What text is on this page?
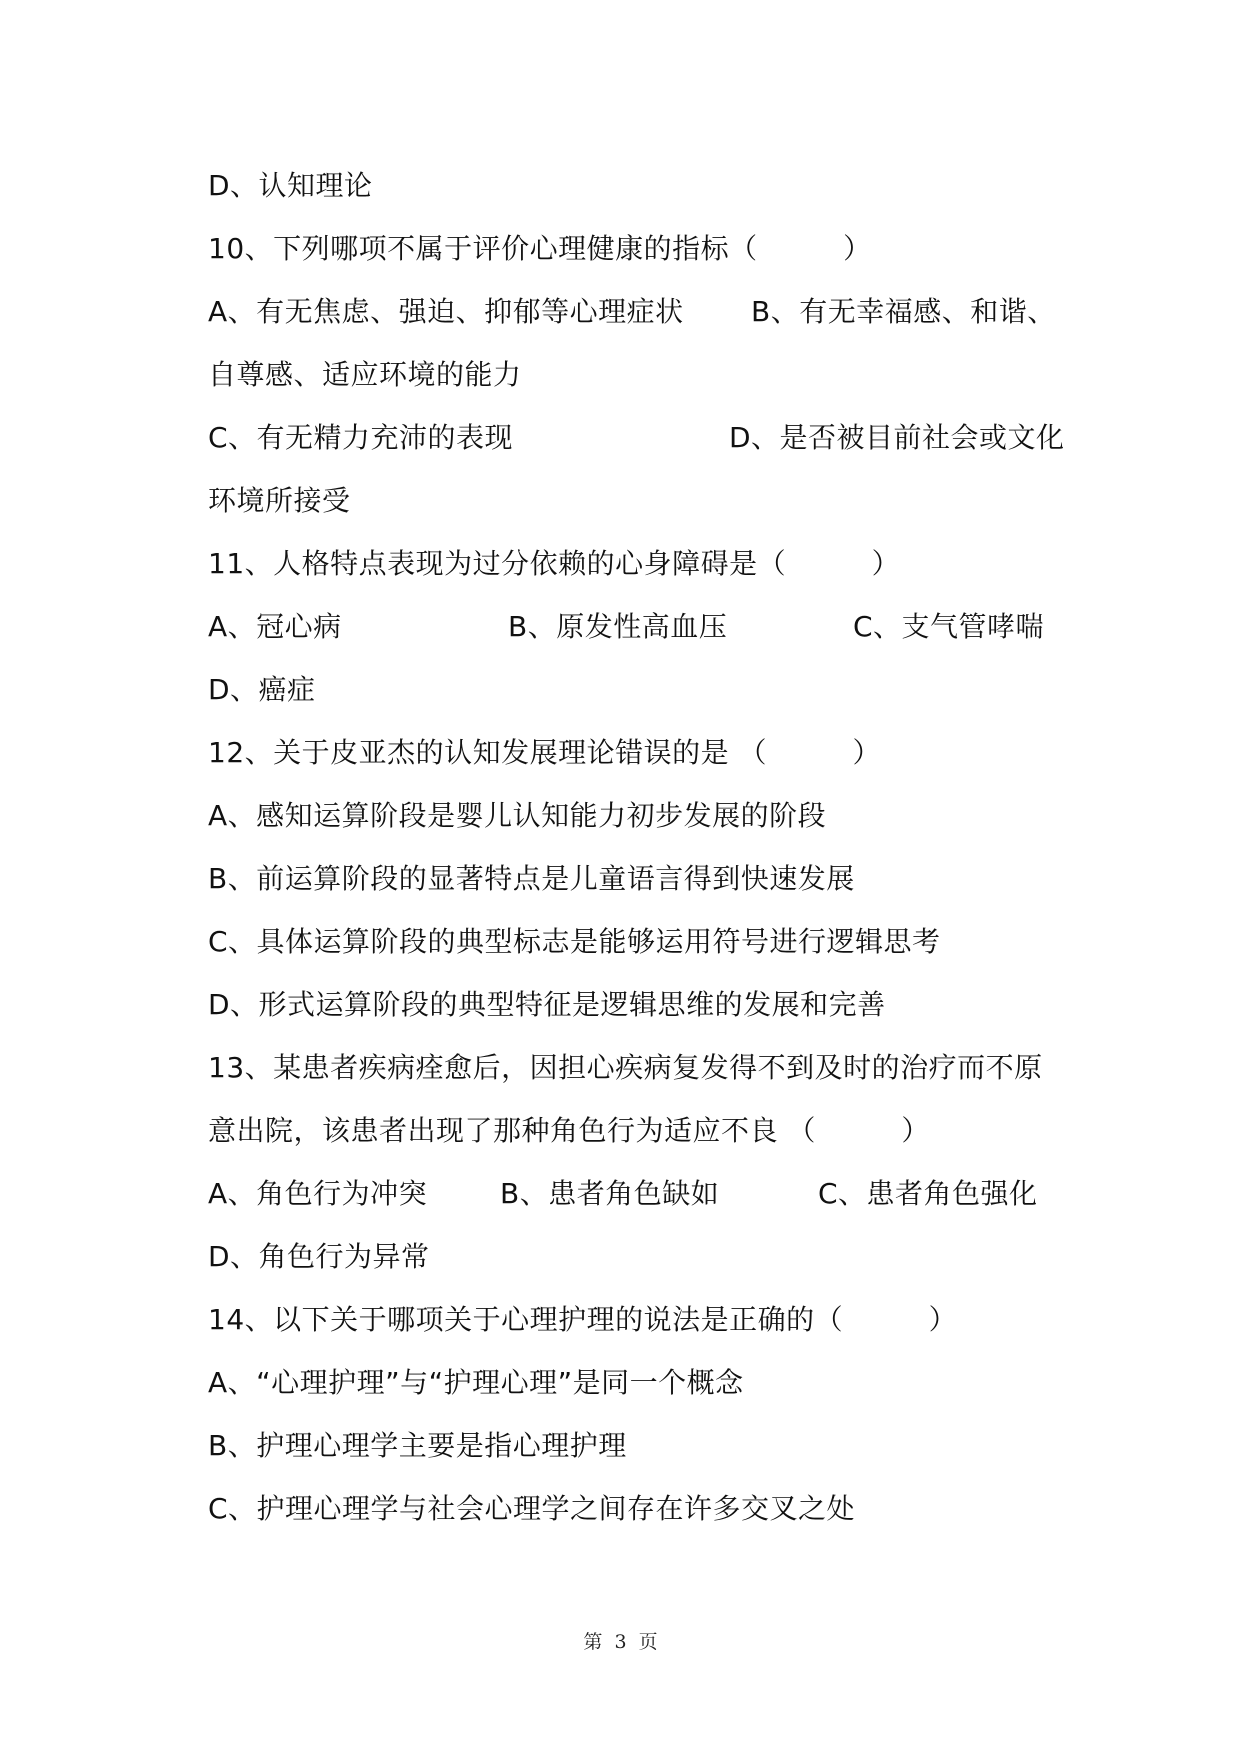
D、认知理论
10、下列哪项不属于评价心理健康的指标（　　　）

A、有无焦虑、强迫、抑郁等心理症状

B、有无幸福感、和谐、

自尊感、适应环境的能力

C、有无精力充沛的表现

	D、是否被目前社会或文化

环境所接受
11、人格特点表现为过分依赖的心身障碍是（　　　）

A、冠心病

	B、原发性高血压

	C、支气管哮喘

D、癌症
12、关于皮亚杰的认知发展理论错误的是 （　　　）
A、感知运算阶段是婴儿认知能力初步发展的阶段
B、前运算阶段的显著特点是儿童语言得到快速发展
C、具体运算阶段的典型标志是能够运用符号进行逻辑思考
D、形式运算阶段的典型特征是逻辑思维的发展和完善
13、某患者疾病痊愈后，因担心疾病复发得不到及时的治疗而不原
意出院，该患者出现了那种角色行为适应不良 （　　　）

A、角色行为冲突

	B、患者角色缺如

	C、患者角色强化

D、角色行为异常
14、以下关于哪项关于心理护理的说法是正确的（　　　）
A、“心理护理”与“护理心理”是同一个概念
B、护理心理学主要是指心理护理
C、护理心理学与社会心理学之间存在许多交叉之处
第 3 页
